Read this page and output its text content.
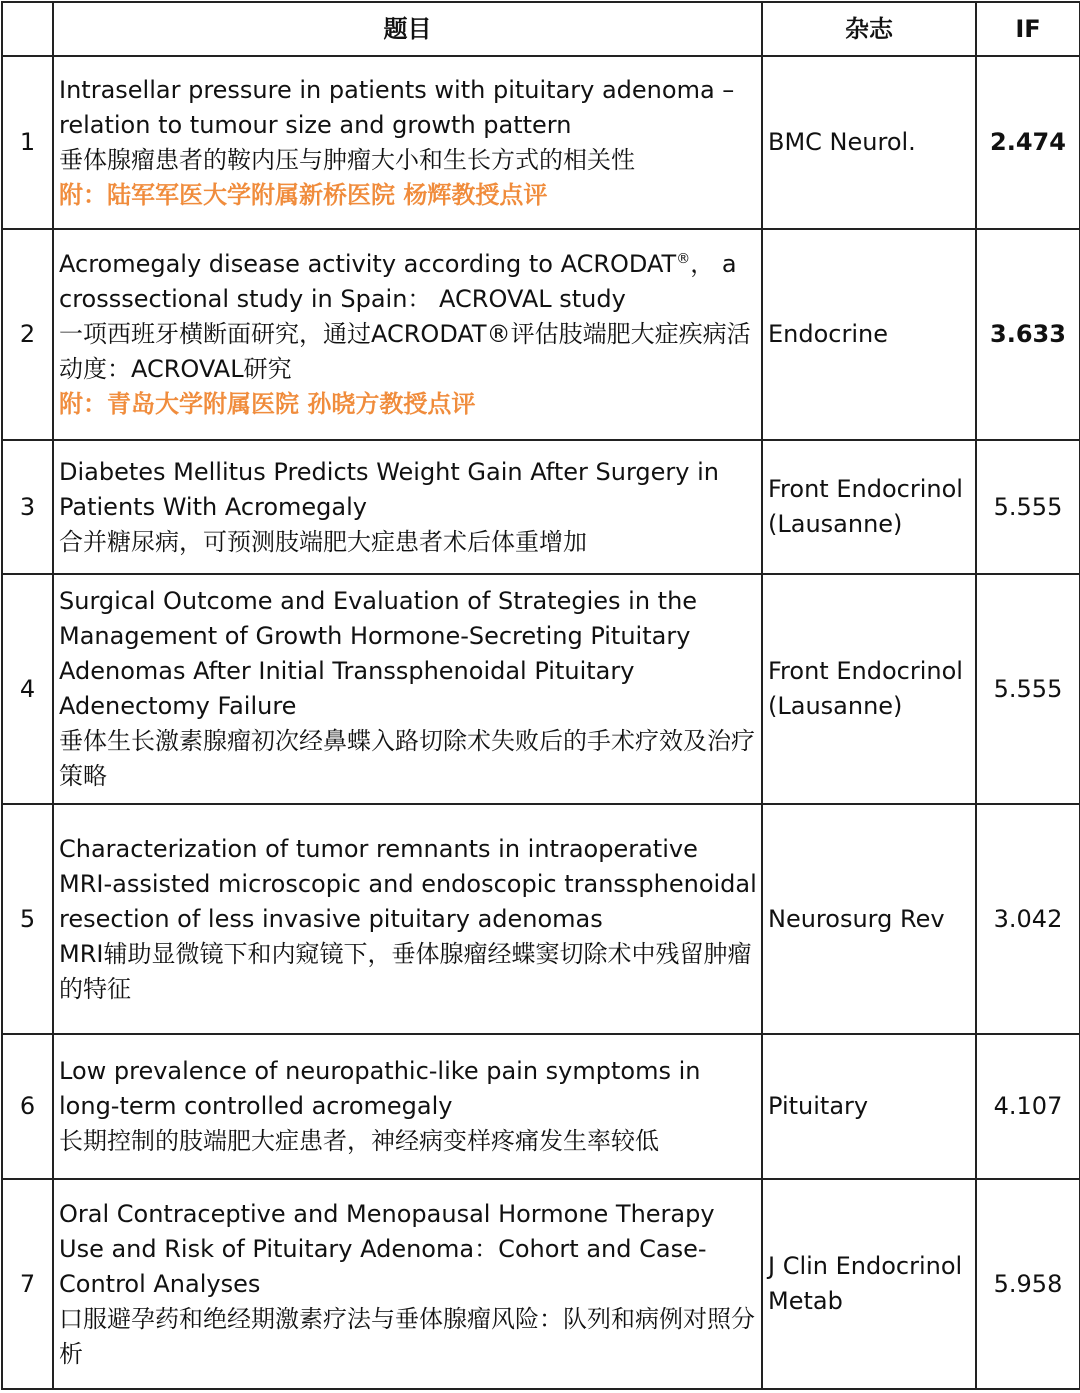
	题目	杂志	IF
1	Intrasellar pressure in patients with pituitary adenoma –
relation to tumour size and growth pattern
垂体腺瘤患者的鞍内压与肿瘤大小和生长方式的相关性
附：陆军军医大学附属新桥医院 杨辉教授点评	BMC Neurol.	2.474
2	Acromegaly disease activity according to ACRODAT®， a
crosssectional study in Spain： ACROVAL study
一项西班牙横断面研究，通过ACRODAT®评估肢端肥大症疾病活动度：ACROVAL研究
附：青岛大学附属医院 孙晓方教授点评	Endocrine	3.633
3	Diabetes Mellitus Predicts Weight Gain After Surgery in
Patients With Acromegaly
合并糖尿病，可预测肢端肥大症患者术后体重增加	Front Endocrinol
(Lausanne)	5.555
4	Surgical Outcome and Evaluation of Strategies in the
Management of Growth Hormone-Secreting Pituitary
Adenomas After Initial Transsphenoidal Pituitary
Adenectomy Failure
垂体生长激素腺瘤初次经鼻蝶入路切除术失败后的手术疗效及治疗策略	Front Endocrinol
(Lausanne)	5.555
5	Characterization of tumor remnants in intraoperative
MRI-assisted microscopic and endoscopic transsphenoidal
resection of less invasive pituitary adenomas
MRI辅助显微镜下和内窥镜下，垂体腺瘤经蝶窦切除术中残留肿瘤的特征	Neurosurg Rev	3.042
6	Low prevalence of neuropathic-like pain symptoms in
long-term controlled acromegaly
长期控制的肢端肥大症患者，神经病变样疼痛发生率较低	Pituitary	4.107
7	Oral Contraceptive and Menopausal Hormone Therapy
Use and Risk of Pituitary Adenoma：Cohort and Case-
Control Analyses
口服避孕药和绝经期激素疗法与垂体腺瘤风险：队列和病例对照分析	J Clin Endocrinol
Metab	5.958
